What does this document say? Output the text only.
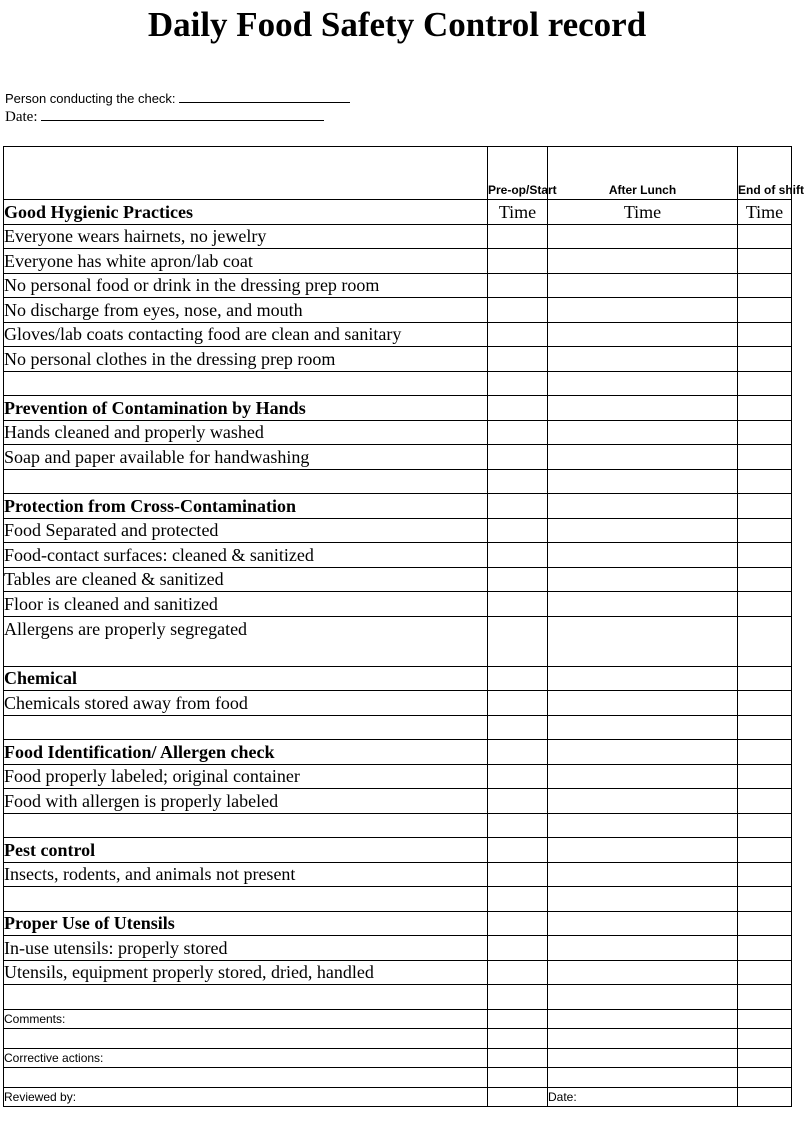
Daily Food Safety Control record
Person conducting the check:
Date:
	Pre-op/Start	After Lunch	End of shift
Good Hygienic Practices	Time	Time	Time
Everyone wears hairnets, no jewelry			
Everyone has white apron/lab coat			
No personal food or drink in the dressing prep room			
No discharge from eyes, nose, and mouth			
Gloves/lab coats contacting food are clean and sanitary			
No personal clothes in the dressing prep room			

Prevention of Contamination by Hands			
Hands cleaned and properly washed			
Soap and paper available for handwashing			

Protection from Cross-Contamination			
Food Separated and protected			
Food-contact surfaces: cleaned & sanitized			
Tables are cleaned & sanitized			
Floor is cleaned and sanitized			
Allergens are properly segregated			
Chemical			
Chemicals stored away from food			

Food Identification/ Allergen check			
Food properly labeled; original container			
Food with allergen is properly labeled			

Pest control			
Insects, rodents, and animals not present			

Proper Use of Utensils			
In-use utensils: properly stored			
Utensils, equipment properly stored, dried, handled			

Comments:			

Corrective actions:			

Reviewed by:		Date:	
